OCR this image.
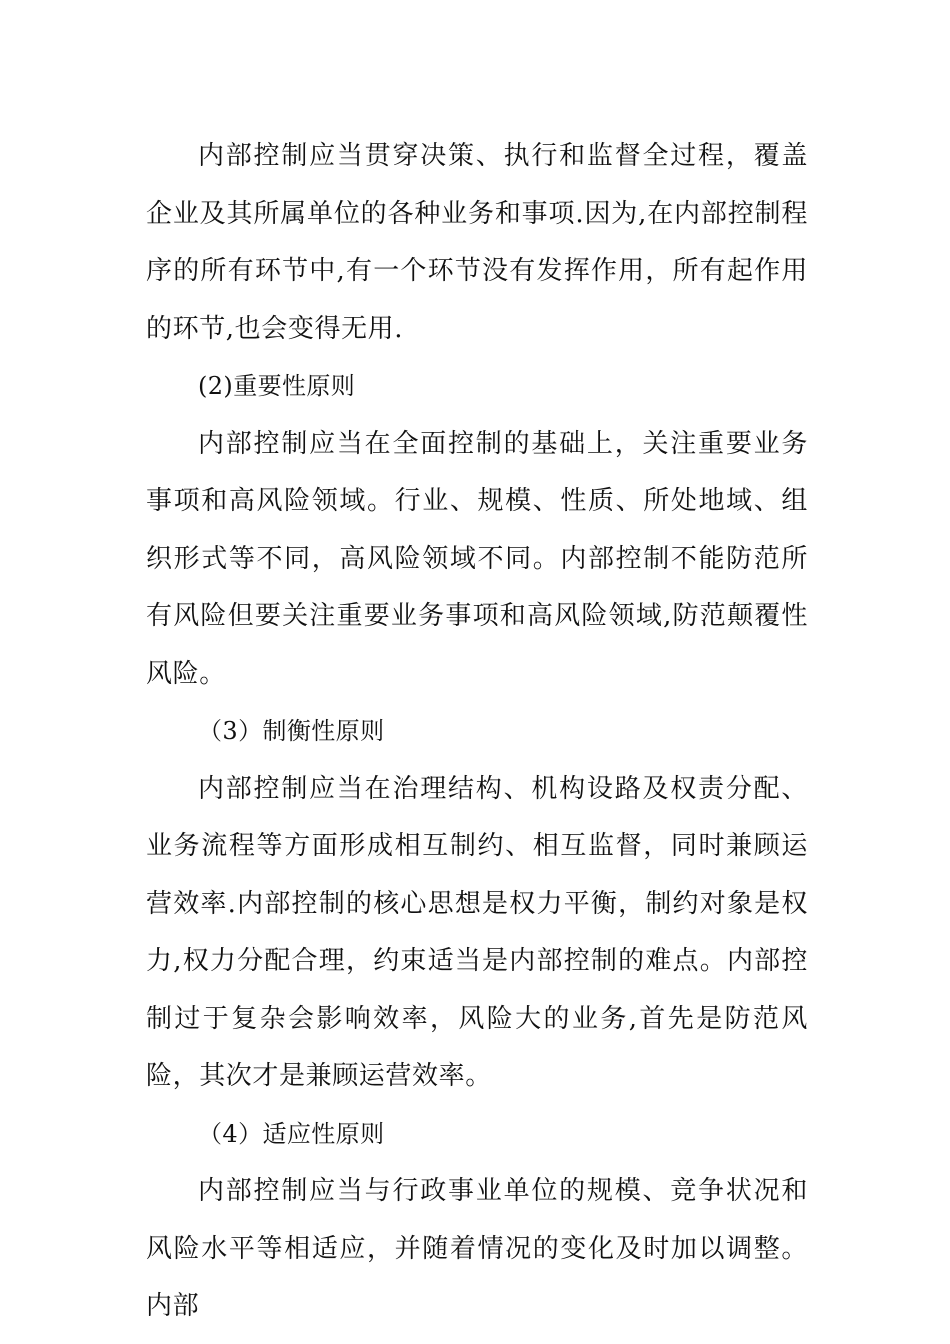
内部控制应当贯穿决策、执行和监督全过程，覆盖企业及其所属单位的各种业务和事项.因为,在内部控制程序的所有环节中,有一个环节没有发挥作用，所有起作用的环节,也会变得无用.

(2)重要性原则

内部控制应当在全面控制的基础上，关注重要业务事项和高风险领域。行业、规模、性质、所处地域、组织形式等不同，高风险领域不同。内部控制不能防范所有风险但要关注重要业务事项和高风险领域,防范颠覆性风险。

（3）制衡性原则

内部控制应当在治理结构、机构设路及权责分配、业务流程等方面形成相互制约、相互监督，同时兼顾运营效率.内部控制的核心思想是权力平衡，制约对象是权力,权力分配合理，约束适当是内部控制的难点。内部控制过于复杂会影响效率，风险大的业务,首先是防范风险，其次才是兼顾运营效率。

（4）适应性原则

内部控制应当与行政事业单位的规模、竞争状况和风险水平等相适应，并随着情况的变化及时加以调整。内部
